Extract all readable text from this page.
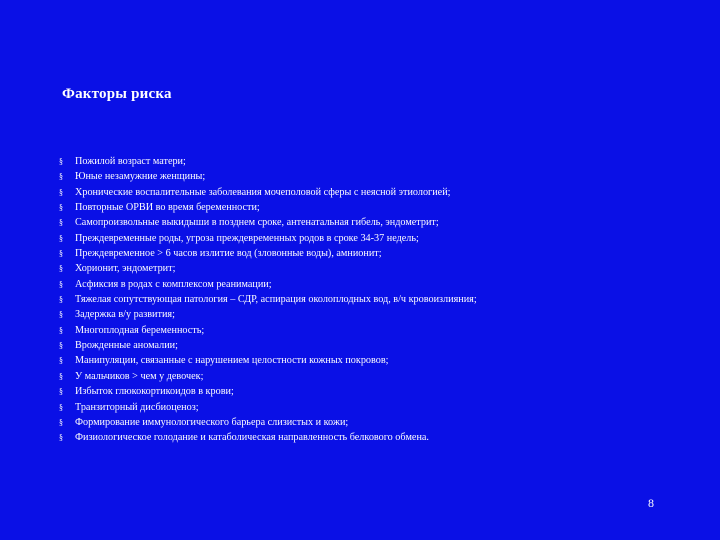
Факторы риска
§	Пожилой возраст матери;
§	Юные незамужние женщины;
§	Хронические воспалительные заболевания мочеполовой сферы с неясной этиологией;
§	Повторные ОРВИ во время беременности;
§	Самопроизвольные выкидыши в позднем сроке, антенатальная гибель, эндометрит;
§	Преждевременные роды, угроза преждевременных родов в сроке 34-37 недель;
§	Преждевременное > 6 часов излитие вод (зловонные воды), амнионит;
§	Хорионит, эндометрит;
§	Асфиксия в родах с комплексом реанимации;
§	Тяжелая сопутствующая патология – СДР, аспирация околоплодных вод, в/ч кровоизлияния;
§	Задержка в/у развития;
§	Многоплодная беременность;
§	Врожденные аномалии;
§	Манипуляции, связанные с нарушением целостности кожных покровов;
§	У мальчиков > чем у девочек;
§	Избыток глюкокортикоидов в крови;
§	Транзиторный дисбиоценоз;
§	Формирование иммунологического барьера слизистых и кожи;
§	Физиологическое голодание и катаболическая направленность белкового обмена.
8
